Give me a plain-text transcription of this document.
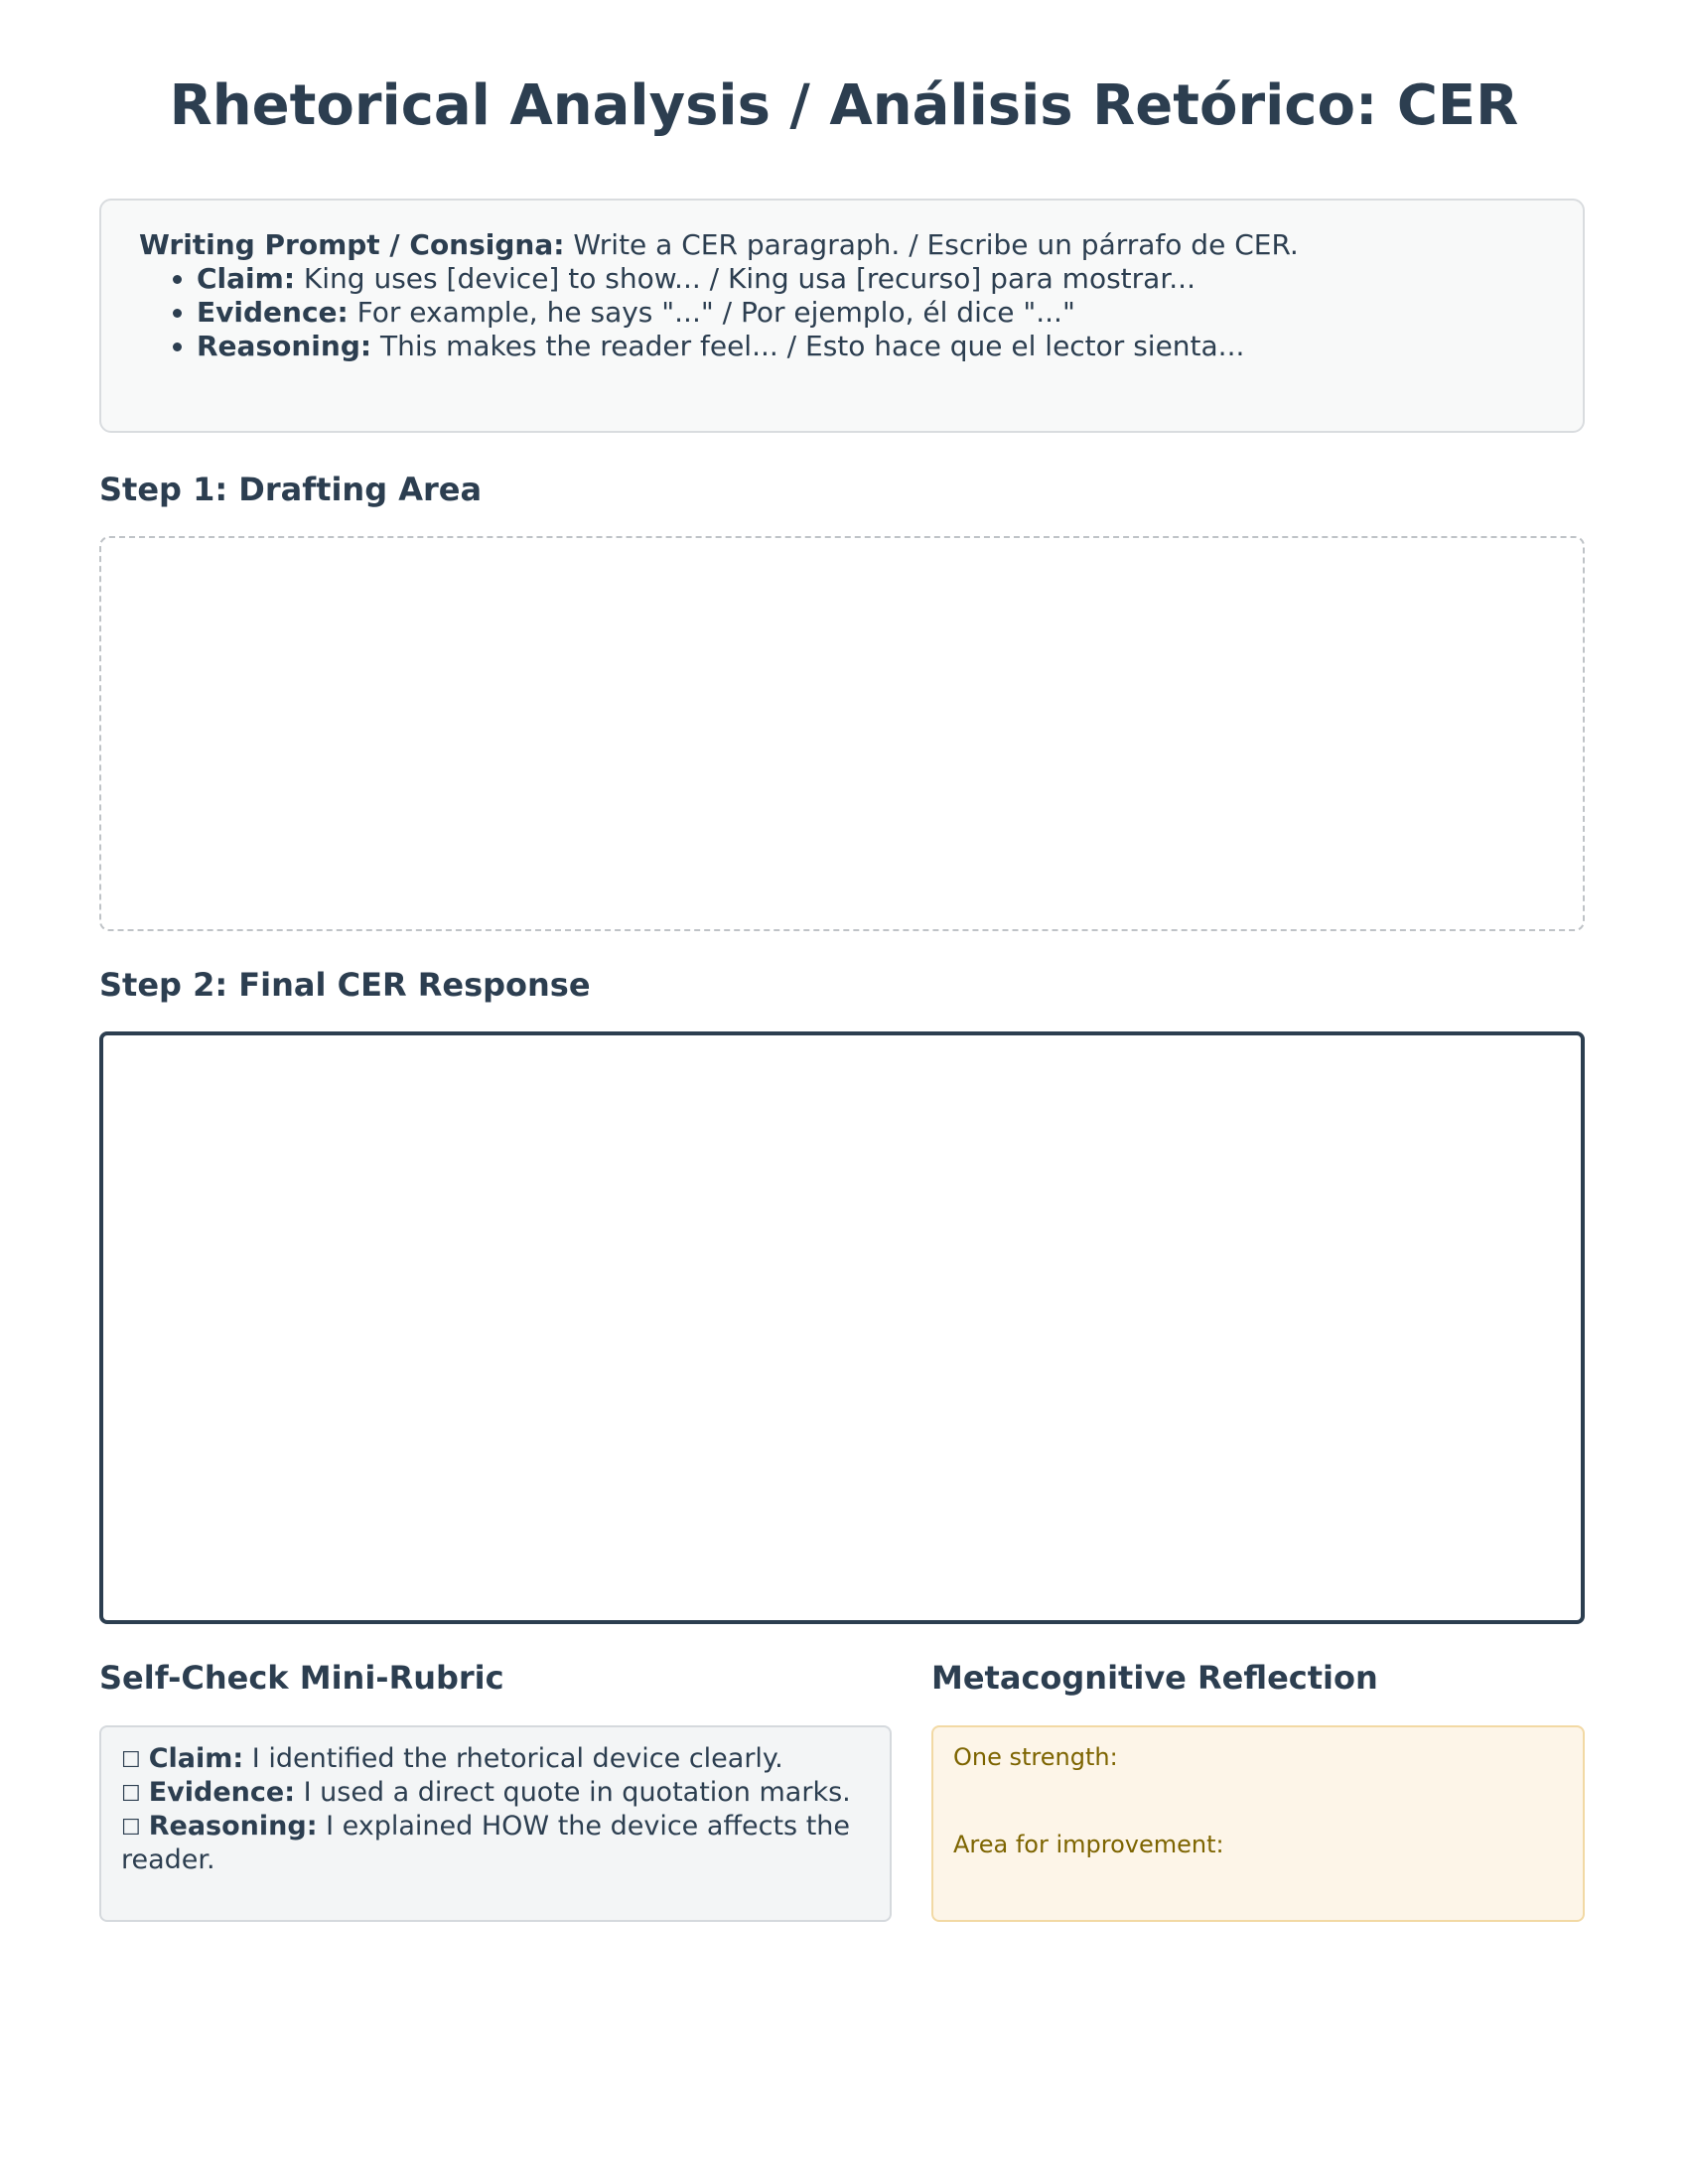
Rhetorical Analysis / Análisis Retórico: CER
Writing Prompt / Consigna: Write a CER paragraph. / Escribe un párrafo de CER.
• Claim: King uses [device] to show... / King usa [recurso] para mostrar...
• Evidence: For example, he says "..." / Por ejemplo, él dice "..."
• Reasoning: This makes the reader feel... / Esto hace que el lector sienta...
Step 1: Drafting Area
Step 2: Final CER Response
Self-Check Mini-Rubric	Metacognitive Reflection
☐ Claim: I identified the rhetorical device clearly.
☐ Evidence: I used a direct quote in quotation marks.
☐ Reasoning: I explained HOW the device affects the reader.
One strength:
Area for improvement:
